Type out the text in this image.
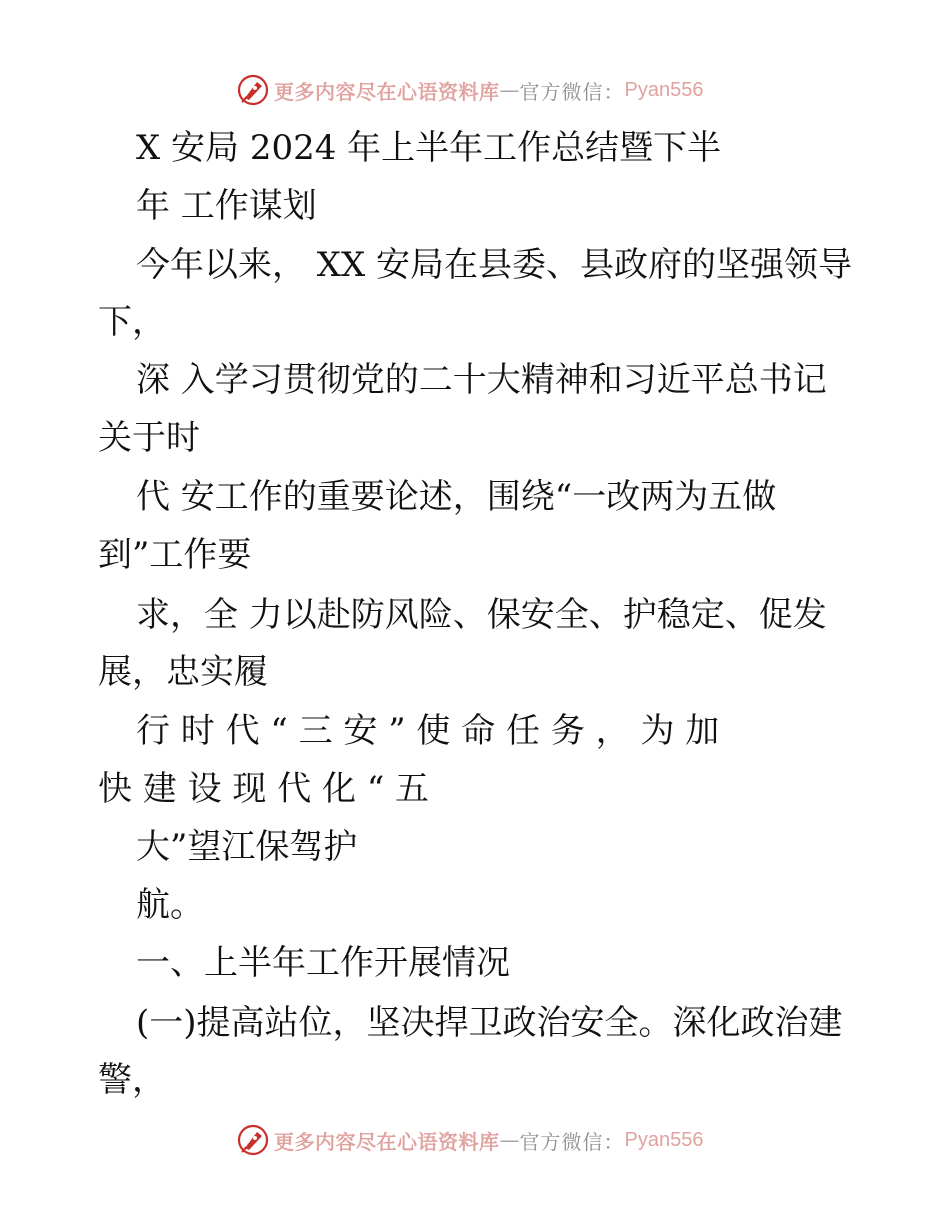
更多内容尽在心语资料库 — 官方微信： Pyan556

X 安局 2024 年上半年工作总结暨下半

年 工作谋划

今年以来， XX 安局在县委、县政府的坚强领导

下，

深 入学习贯彻党的二十大精神和习近平总书记

关于时

代 安工作的重要论述，围绕“一改两为五做

到”工作要

求，全 力以赴防风险、保安全、护稳定、促发

展，忠实履

行 时 代 “ 三 安 ” 使 命 任 务 ， 为 加

快 建 设 现 代 化 “ 五

大”望江保驾护

航。

一、上半年工作开展情况

(一)提高站位，坚决捍卫政治安全。深化政治建

警，

更多内容尽在心语资料库 — 官方微信： Pyan556
